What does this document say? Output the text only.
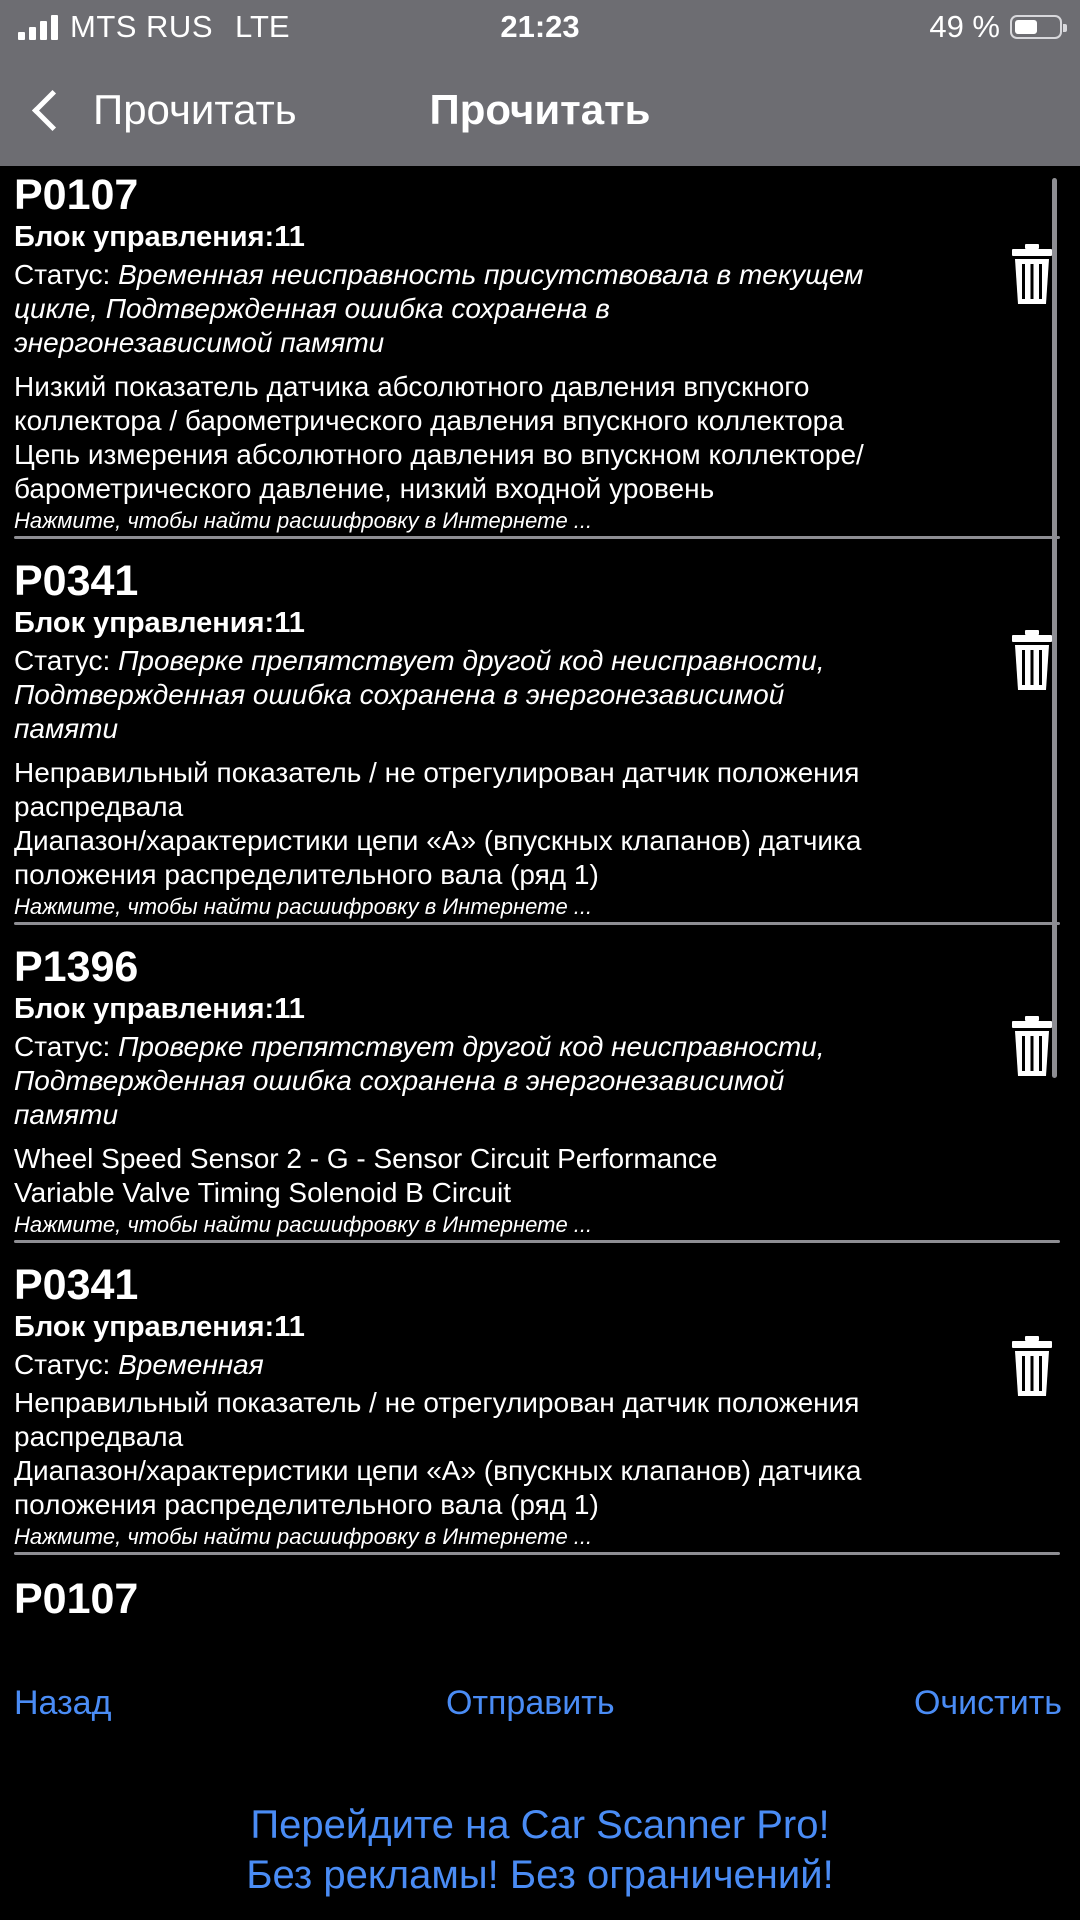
MTS RUS LTE	21:23	49 %
Прочитать	Прочитать
P0107
Блок управления:11
Статус: Временная неисправность присутствовала в текущем
цикле, Подтвержденная ошибка сохранена в
энергонезависимой памяти
Низкий показатель датчика абсолютного давления впускного
коллектора / барометрического давления впускного коллектора
Цепь измерения абсолютного давления во впускном коллекторе/
барометрического давление, низкий входной уровень
Нажмите, чтобы найти расшифровку в Интернете ...
P0341
Блок управления:11
Статус: Проверке препятствует другой код неисправности,
Подтвержденная ошибка сохранена в энергонезависимой
памяти
Неправильный показатель / не отрегулирован датчик положения
распредвала
Диапазон/характеристики цепи «А» (впускных клапанов) датчика
положения распределительного вала (ряд 1)
Нажмите, чтобы найти расшифровку в Интернете ...
P1396
Блок управления:11
Статус: Проверке препятствует другой код неисправности,
Подтвержденная ошибка сохранена в энергонезависимой
памяти
Wheel Speed Sensor 2 - G - Sensor Circuit Performance
Variable Valve Timing Solenoid B Circuit
Нажмите, чтобы найти расшифровку в Интернете ...
P0341
Блок управления:11
Статус: Временная
Неправильный показатель / не отрегулирован датчик положения
распредвала
Диапазон/характеристики цепи «А» (впускных клапанов) датчика
положения распределительного вала (ряд 1)
Нажмите, чтобы найти расшифровку в Интернете ...
P0107
Назад	Отправить	Очистить
Перейдите на Car Scanner Pro!
Без рекламы! Без ограничений!
